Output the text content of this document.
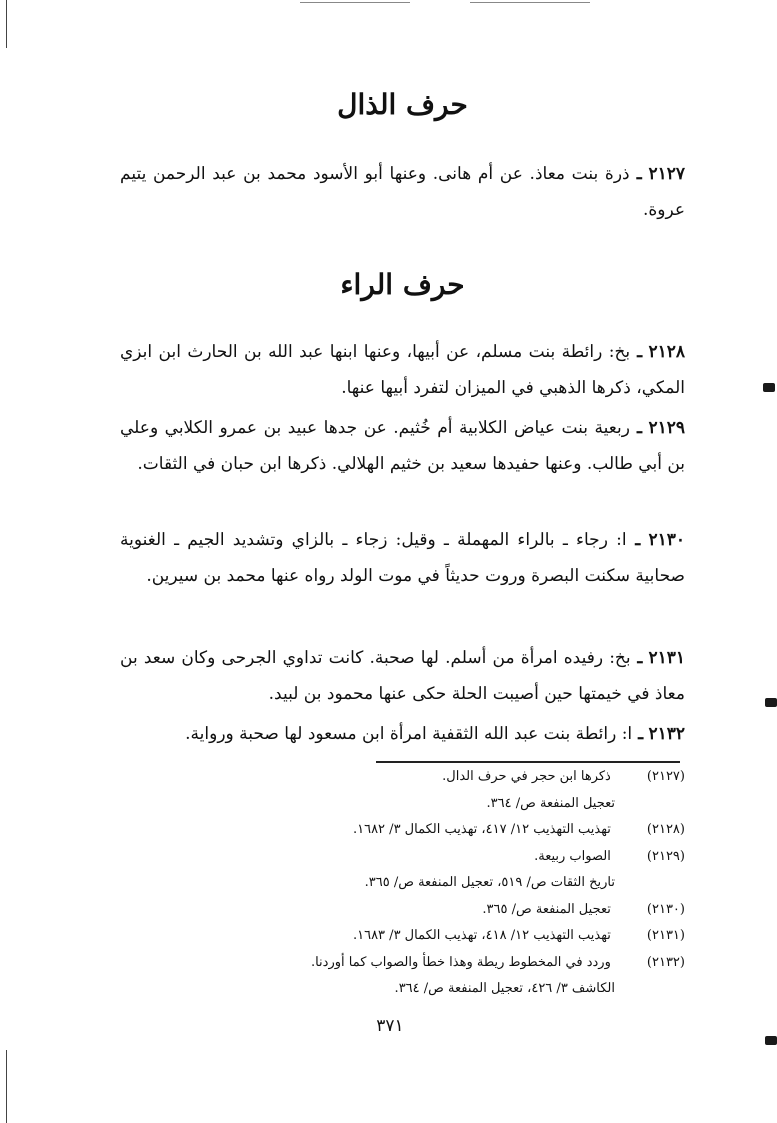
حرف الذال

٢١٢٧ ـ ذرة بنت معاذ. عن أم هانى. وعنها أبو الأسود محمد بن عبد الرحمن يتيم عروة.

حرف الراء

٢١٢٨ ـ بخ: رائطة بنت مسلم، عن أبيها، وعنها ابنها عبد الله بن الحارث ابن ابزي المكي، ذكرها الذهبي في الميزان لتفرد أبيها عنها.

٢١٢٩ ـ ربعية بنت عياض الكلابية أم خُثيم. عن جدها عبيد بن عمرو الكلابي وعلي بن أبي طالب. وعنها حفيدها سعيد بن خثيم الهلالي. ذكرها ابن حبان في الثقات.

٢١٣٠ ـ ا: رجاء ـ بالراء المهملة ـ وقيل: زجاء ـ بالزاي وتشديد الجيم ـ الغنوية صحابية سكنت البصرة وروت حديثاً في موت الولد رواه عنها محمد بن سيرين.

٢١٣١ ـ بخ: رفيده امرأة من أسلم. لها صحبة. كانت تداوي الجرحى وكان سعد بن معاذ في خيمتها حين أصيبت الحلة حكى عنها محمود بن لبيد.

٢١٣٢ ـ ا: رائطة بنت عبد الله الثقفية امرأة ابن مسعود لها صحبة ورواية.

(٢١٢٧) ذكرها ابن حجر في حرف الدال.
تعجيل المنفعة ص/ ٣٦٤.
(٢١٢٨) تهذيب التهذيب ١٢/ ٤١٧، تهذيب الكمال ٣/ ١٦٨٢.
(٢١٢٩) الصواب ربيعة.
تاريخ الثقات ص/ ٥١٩، تعجيل المنفعة ص/ ٣٦٥.
(٢١٣٠) تعجيل المنفعة ص/ ٣٦٥.
(٢١٣١) تهذيب التهذيب ١٢/ ٤١٨، تهذيب الكمال ٣/ ١٦٨٣.
(٢١٣٢) وردد في المخطوط ريطة وهذا خطأ والصواب كما أوردنا.
الكاشف ٣/ ٤٢٦، تعجيل المنفعة ص/ ٣٦٤.
٣٧١
